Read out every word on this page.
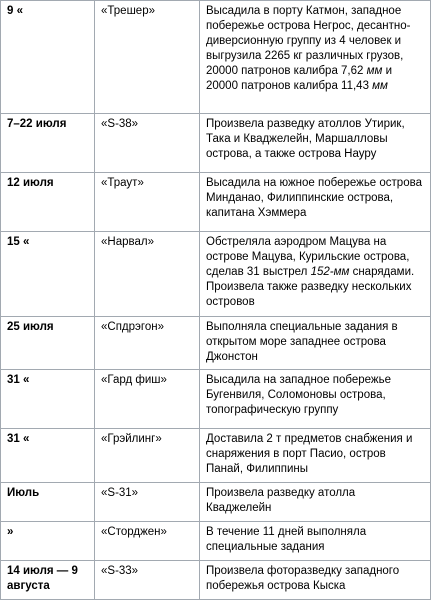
9 «	«Трешер»	Высадила в порту Катмон, западное побережье острова Негрос, десантно-диверсионную группу из 4 человек и выгрузила 2265 кг различных грузов, 20000 патронов калибра 7,62 мм и 20000 патронов калибра 11,43 мм
7–22 июля	«S-38»	Произвела разведку атоллов Утирик, Така и Кваджелейн, Маршалловы острова, а также острова Науру
12 июля	«Траут»	Высадила на южное побережье острова Минданао, Филиппинские острова, капитана Хэммера
15 «	«Нарвал»	Обстреляла аэродром Мацува на острове Мацува, Курильские острова, сделав 31 выстрел 152-мм снарядами. Произвела также разведку нескольких островов
25 июля	«Спдрэгон»	Выполняла специальные задания в открытом море западнее острова Джонстон
31 «	«Гард фиш»	Высадила на западное побережье Бугенвиля, Соломоновы острова, топографическую группу
31 «	«Грэйлинг»	Доставила 2 т предметов снабжения и снаряжения в порт Пасио, остров Панай, Филиппины
Июль	«S-31»	Произвела разведку атолла Кваджелейн
»	«Сторджен»	В течение 11 дней выполняла специальные задания
14 июля — 9 августа	«S-33»	Произвела фоторазведку западного побережья острова Кыска
